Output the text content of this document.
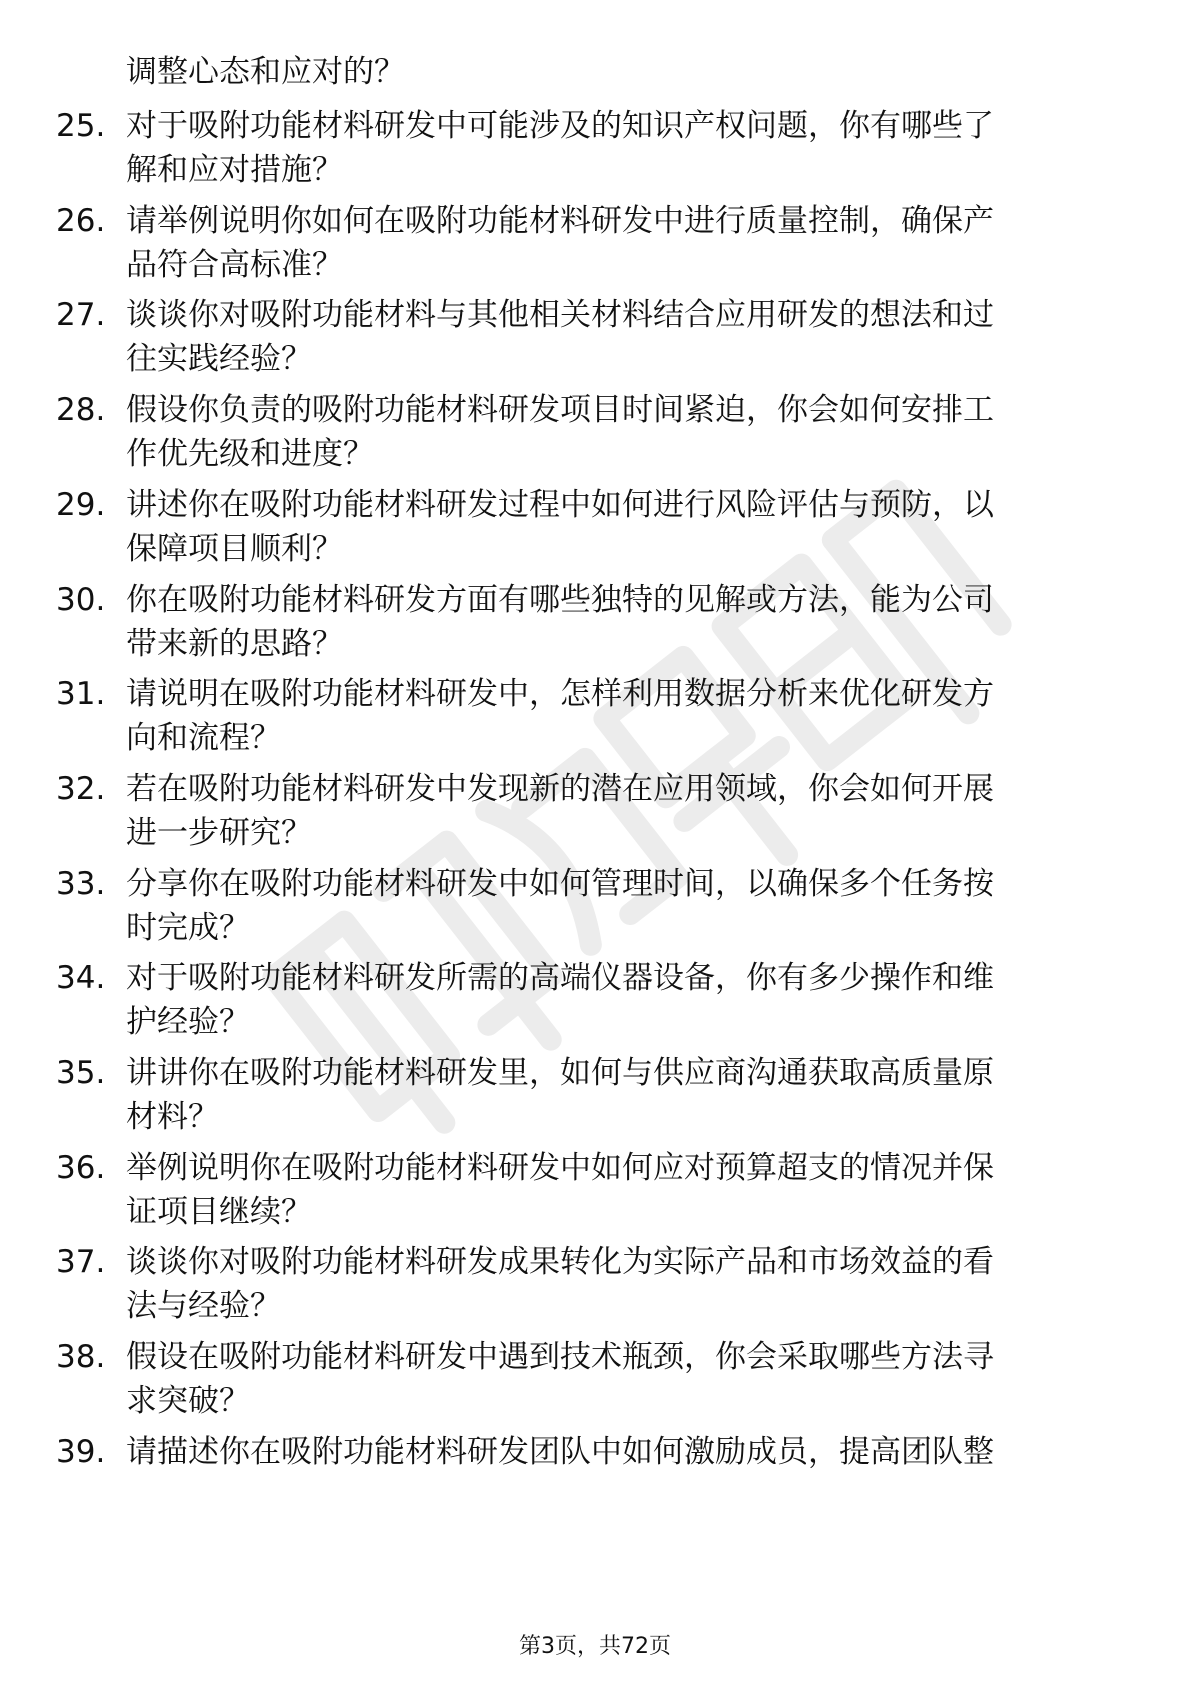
调整心态和应对的？
25. 对于吸附功能材料研发中可能涉及的知识产权问题，你有哪些了
解和应对措施？
26. 请举例说明你如何在吸附功能材料研发中进行质量控制，确保产
品符合高标准？
27. 谈谈你对吸附功能材料与其他相关材料结合应用研发的想法和过
往实践经验？
28. 假设你负责的吸附功能材料研发项目时间紧迫，你会如何安排工
作优先级和进度？
29. 讲述你在吸附功能材料研发过程中如何进行风险评估与预防，以
保障项目顺利？
30. 你在吸附功能材料研发方面有哪些独特的见解或方法，能为公司
带来新的思路？
31. 请说明在吸附功能材料研发中，怎样利用数据分析来优化研发方
向和流程？
32. 若在吸附功能材料研发中发现新的潜在应用领域，你会如何开展
进一步研究？
33. 分享你在吸附功能材料研发中如何管理时间，以确保多个任务按
时完成？
34. 对于吸附功能材料研发所需的高端仪器设备，你有多少操作和维
护经验？
35. 讲讲你在吸附功能材料研发里，如何与供应商沟通获取高质量原
材料？
36. 举例说明你在吸附功能材料研发中如何应对预算超支的情况并保
证项目继续？
37. 谈谈你对吸附功能材料研发成果转化为实际产品和市场效益的看
法与经验？
38. 假设在吸附功能材料研发中遇到技术瓶颈，你会采取哪些方法寻
求突破？
39. 请描述你在吸附功能材料研发团队中如何激励成员，提高团队整
第3页，共72页
